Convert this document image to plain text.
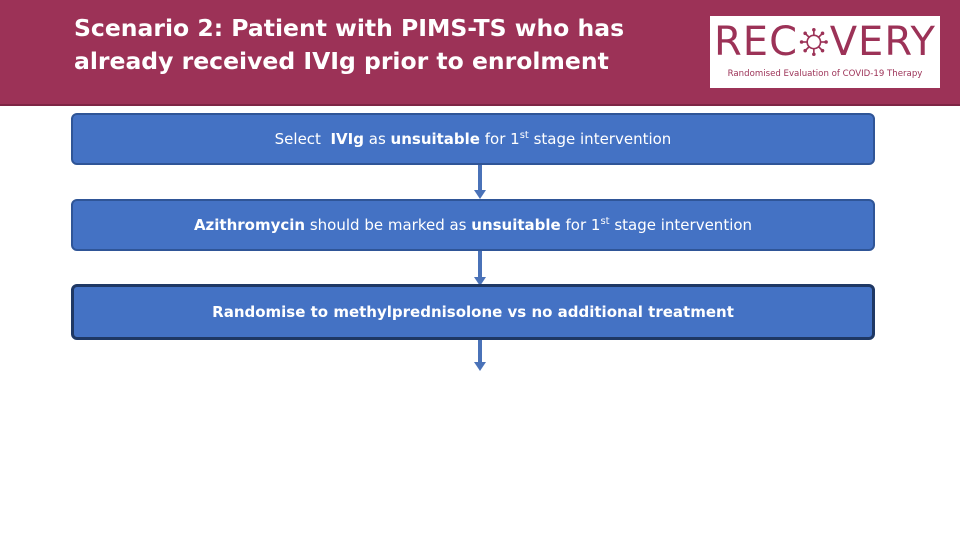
Scenario 2: Patient with PIMS-TS who has
already received IVIg prior to enrolment	REC VERY
Randomised Evaluation of COVID-19 Therapy
Select  IVIg as unsuitable for 1st stage intervention
Azithromycin should be marked as unsuitable for 1st stage intervention
Randomise to methylprednisolone vs no additional treatment
